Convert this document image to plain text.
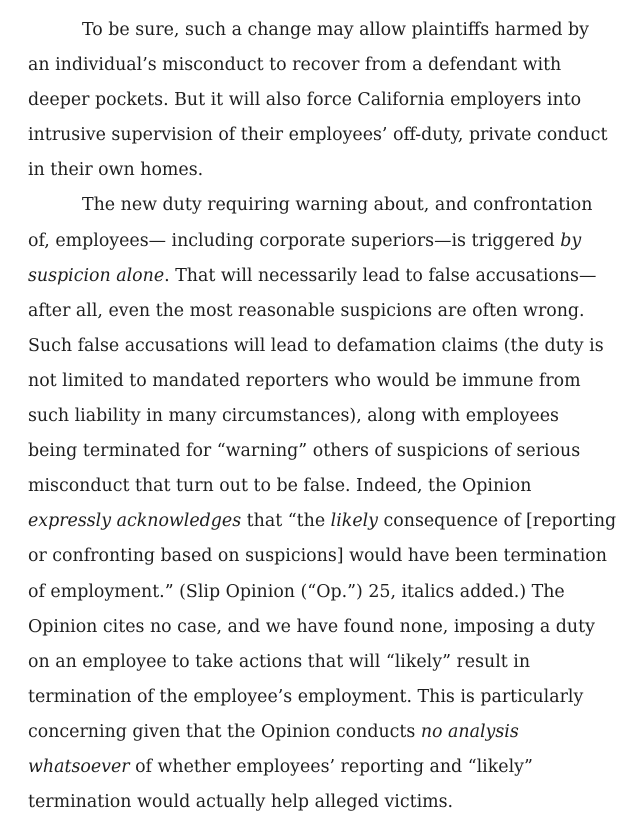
To be sure, such a change may allow plaintiffs harmed by
an individual’s misconduct to recover from a defendant with
deeper pockets. But it will also force California employers into
intrusive supervision of their employees’ off-duty, private conduct
in their own homes.
The new duty requiring warning about, and confrontation
of, employees— including corporate superiors—is triggered by
suspicion alone. That will necessarily lead to false accusations—
after all, even the most reasonable suspicions are often wrong.
Such false accusations will lead to defamation claims (the duty is
not limited to mandated reporters who would be immune from
such liability in many circumstances), along with employees
being terminated for “warning” others of suspicions of serious
misconduct that turn out to be false. Indeed, the Opinion
expressly acknowledges that “the likely consequence of [reporting
or confronting based on suspicions] would have been termination
of employment.” (Slip Opinion (“Op.”) 25, italics added.) The
Opinion cites no case, and we have found none, imposing a duty
on an employee to take actions that will “likely” result in
termination of the employee’s employment. This is particularly
concerning given that the Opinion conducts no analysis
whatsoever of whether employees’ reporting and “likely”
termination would actually help alleged victims.
